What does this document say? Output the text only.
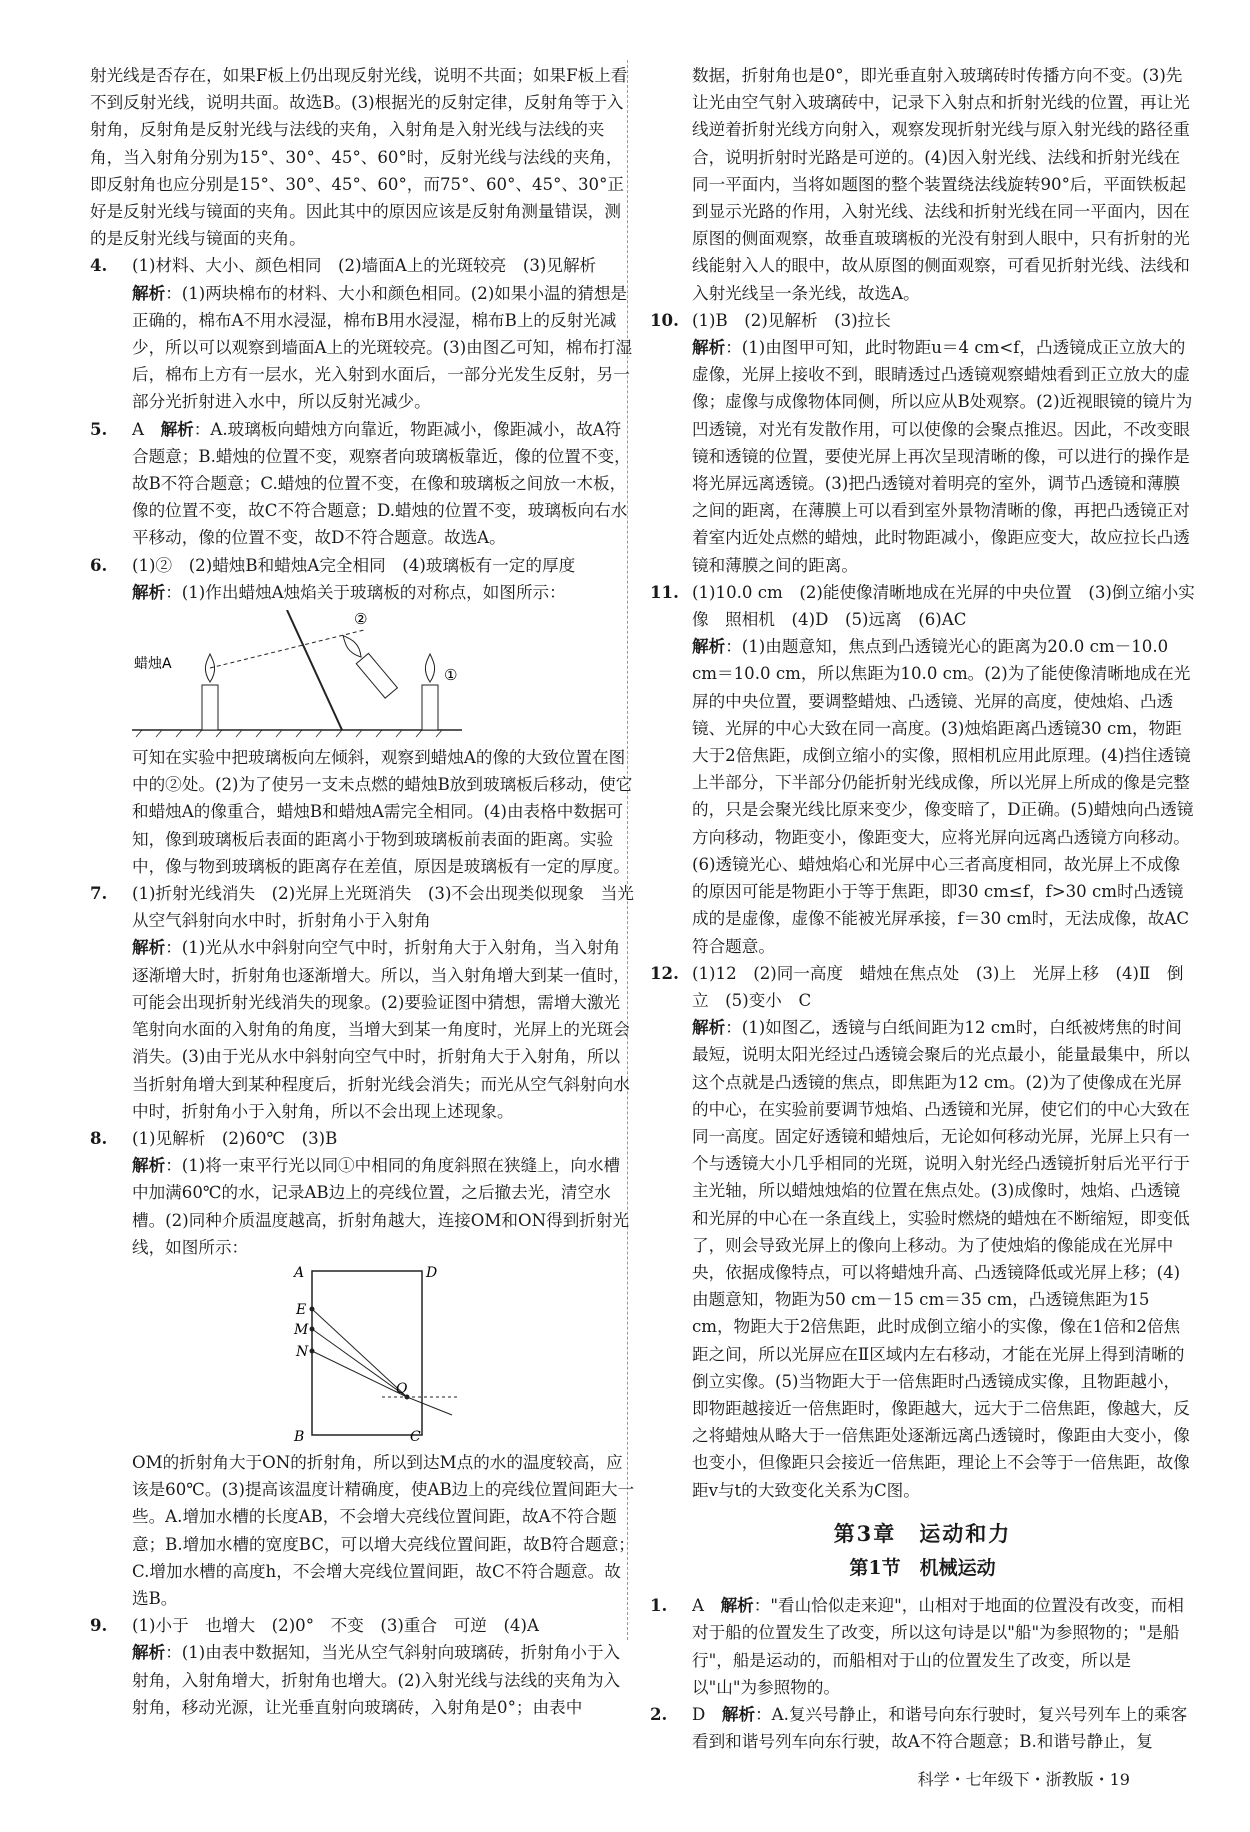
射光线是否存在，如果F板上仍出现反射光线，说明不共面；如果F板上看不到反射光线，说明共面。故选B。(3)根据光的反射定律，反射角等于入射角，反射角是反射光线与法线的夹角，入射角是入射光线与法线的夹角，当入射角分别为15°、30°、45°、60°时，反射光线与法线的夹角，即反射角也应分别是15°、30°、45°、60°，而75°、60°、45°、30°正好是反射光线与镜面的夹角。因此其中的原因应该是反射角测量错误，测的是反射光线与镜面的夹角。

4. (1)材料、大小、颜色相同　(2)墙面A上的光斑较亮　(3)见解析
解析：(1)两块棉布的材料、大小和颜色相同。(2)如果小温的猜想是正确的，棉布A不用水浸湿，棉布B用水浸湿，棉布B上的反射光减少，所以可以观察到墙面A上的光斑较亮。(3)由图乙可知，棉布打湿后，棉布上方有一层水，光入射到水面后，一部分光发生反射，另一部分光折射进入水中，所以反射光减少。
5. A　解析：A.玻璃板向蜡烛方向靠近，物距减小，像距减小，故A符合题意；B.蜡烛的位置不变，观察者向玻璃板靠近，像的位置不变，故B不符合题意；C.蜡烛的位置不变，在像和玻璃板之间放一木板，像的位置不变，故C不符合题意；D.蜡烛的位置不变，玻璃板向右水平移动，像的位置不变，故D不符合题意。故选A。
6. (1)②　(2)蜡烛B和蜡烛A完全相同　(4)玻璃板有一定的厚度
解析：(1)作出蜡烛A烛焰关于玻璃板的对称点，如图所示：
蜡烛A
①
②
可知在实验中把玻璃板向左倾斜，观察到蜡烛A的像的大致位置在图中的②处。(2)为了使另一支未点燃的蜡烛B放到玻璃板后移动，使它和蜡烛A的像重合，蜡烛B和蜡烛A需完全相同。(4)由表格中数据可知，像到玻璃板后表面的距离小于物到玻璃板前表面的距离。实验中，像与物到玻璃板的距离存在差值，原因是玻璃板有一定的厚度。
7. (1)折射光线消失　(2)光屏上光斑消失　(3)不会出现类似现象　当光从空气斜射向水中时，折射角小于入射角
解析：(1)光从水中斜射向空气中时，折射角大于入射角，当入射角逐渐增大时，折射角也逐渐增大。所以，当入射角增大到某一值时，可能会出现折射光线消失的现象。(2)要验证图中猜想，需增大激光笔射向水面的入射角的角度，当增大到某一角度时，光屏上的光斑会消失。(3)由于光从水中斜射向空气中时，折射角大于入射角，所以当折射角增大到某种程度后，折射光线会消失；而光从空气斜射向水中时，折射角小于入射角，所以不会出现上述现象。
8. (1)见解析　(2)60℃　(3)B
解析：(1)将一束平行光以同①中相同的角度斜照在狭缝上，向水槽中加满60℃的水，记录AB边上的亮线位置，之后撤去光，清空水槽。(2)同种介质温度越高，折射角越大，连接OM和ON得到折射光线，如图所示：
A	D
B	C
E
M
N
O
OM的折射角大于ON的折射角，所以到达M点的水的温度较高，应该是60℃。(3)提高该温度计精确度，使AB边上的亮线位置间距大一些。A.增加水槽的长度AB，不会增大亮线位置间距，故A不符合题意；B.增加水槽的宽度BC，可以增大亮线位置间距，故B符合题意；C.增加水槽的高度h，不会增大亮线位置间距，故C不符合题意。故选B。
9. (1)小于　也增大　(2)0°　不变　(3)重合　可逆　(4)A
解析：(1)由表中数据知，当光从空气斜射向玻璃砖，折射角小于入射角，入射角增大，折射角也增大。(2)入射光线与法线的夹角为入射角，移动光源，让光垂直射向玻璃砖，入射角是0°；由表中

数据，折射角也是0°，即光垂直射入玻璃砖时传播方向不变。(3)先让光由空气射入玻璃砖中，记录下入射点和折射光线的位置，再让光线逆着折射光线方向射入，观察发现折射光线与原入射光线的路径重合，说明折射时光路是可逆的。(4)因入射光线、法线和折射光线在同一平面内，当将如题图的整个装置绕法线旋转90°后，平面铁板起到显示光路的作用，入射光线、法线和折射光线在同一平面内，因在原图的侧面观察，故垂直玻璃板的光没有射到人眼中，只有折射的光线能射入人的眼中，故从原图的侧面观察，可看见折射光线、法线和入射光线呈一条光线，故选A。

10. (1)B　(2)见解析　(3)拉长
解析：(1)由图甲可知，此时物距u＝4 cm<f，凸透镜成正立放大的虚像，光屏上接收不到，眼睛透过凸透镜观察蜡烛看到正立放大的虚像；虚像与成像物体同侧，所以应从B处观察。(2)近视眼镜的镜片为凹透镜，对光有发散作用，可以使像的会聚点推迟。因此，不改变眼镜和透镜的位置，要使光屏上再次呈现清晰的像，可以进行的操作是将光屏远离透镜。(3)把凸透镜对着明亮的室外，调节凸透镜和薄膜之间的距离，在薄膜上可以看到室外景物清晰的像，再把凸透镜正对着室内近处点燃的蜡烛，此时物距减小，像距应变大，故应拉长凸透镜和薄膜之间的距离。
11. (1)10.0 cm　(2)能使像清晰地成在光屏的中央位置　(3)倒立缩小实像　照相机　(4)D　(5)远离　(6)AC
解析：(1)由题意知，焦点到凸透镜光心的距离为20.0 cm－10.0 cm＝10.0 cm，所以焦距为10.0 cm。(2)为了能使像清晰地成在光屏的中央位置，要调整蜡烛、凸透镜、光屏的高度，使烛焰、凸透镜、光屏的中心大致在同一高度。(3)烛焰距离凸透镜30 cm，物距大于2倍焦距，成倒立缩小的实像，照相机应用此原理。(4)挡住透镜上半部分，下半部分仍能折射光线成像，所以光屏上所成的像是完整的，只是会聚光线比原来变少，像变暗了，D正确。(5)蜡烛向凸透镜方向移动，物距变小，像距变大，应将光屏向远离凸透镜方向移动。(6)透镜光心、蜡烛焰心和光屏中心三者高度相同，故光屏上不成像的原因可能是物距小于等于焦距，即30 cm≤f，f>30 cm时凸透镜成的是虚像，虚像不能被光屏承接，f＝30 cm时，无法成像，故AC符合题意。
12. (1)12　(2)同一高度　蜡烛在焦点处　(3)上　光屏上移　(4)Ⅱ　倒立　(5)变小　C
解析：(1)如图乙，透镜与白纸间距为12 cm时，白纸被烤焦的时间最短，说明太阳光经过凸透镜会聚后的光点最小，能量最集中，所以这个点就是凸透镜的焦点，即焦距为12 cm。(2)为了使像成在光屏的中心，在实验前要调节烛焰、凸透镜和光屏，使它们的中心大致在同一高度。固定好透镜和蜡烛后，无论如何移动光屏，光屏上只有一个与透镜大小几乎相同的光斑，说明入射光经凸透镜折射后光平行于主光轴，所以蜡烛烛焰的位置在焦点处。(3)成像时，烛焰、凸透镜和光屏的中心在一条直线上，实验时燃烧的蜡烛在不断缩短，即变低了，则会导致光屏上的像向上移动。为了使烛焰的像能成在光屏中央，依据成像特点，可以将蜡烛升高、凸透镜降低或光屏上移；(4)由题意知，物距为50 cm－15 cm＝35 cm，凸透镜焦距为15 cm，物距大于2倍焦距，此时成倒立缩小的实像，像在1倍和2倍焦距之间，所以光屏应在Ⅱ区域内左右移动，才能在光屏上得到清晰的倒立实像。(5)当物距大于一倍焦距时凸透镜成实像，且物距越小，即物距越接近一倍焦距时，像距越大，远大于二倍焦距，像越大，反之将蜡烛从略大于一倍焦距处逐渐远离凸透镜时，像距由大变小，像也变小，但像距只会接近一倍焦距，理论上不会等于一倍焦距，故像距v与t的大致变化关系为C图。
第3章　运动和力
第1节　机械运动
1. A　解析："看山恰似走来迎"，山相对于地面的位置没有改变，而相对于船的位置发生了改变，所以这句诗是以"船"为参照物的；"是船行"，船是运动的，而船相对于山的位置发生了改变，所以是以"山"为参照物的。
2. D　解析：A.复兴号静止，和谐号向东行驶时，复兴号列车上的乘客看到和谐号列车向东行驶，故A不符合题意；B.和谐号静止，复
科学・七年级下・浙教版・19
